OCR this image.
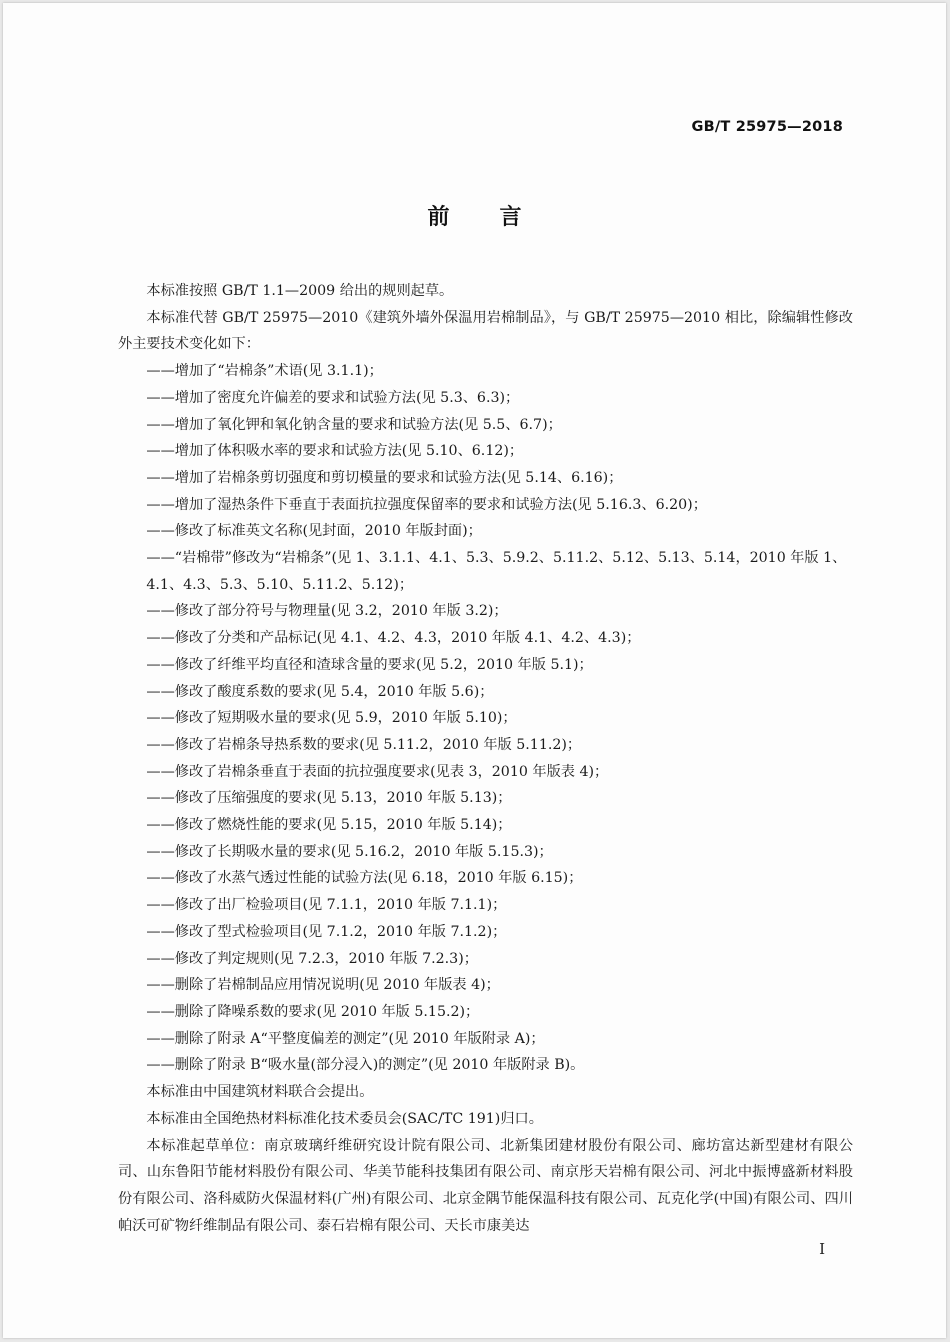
GB/T 25975—2018
前言

本标准按照 GB/T 1.1—2009 给出的规则起草。

本标准代替 GB/T 25975—2010《建筑外墙外保温用岩棉制品》，与 GB/T 25975—2010 相比，除编辑性修改外主要技术变化如下：

——增加了“岩棉条”术语(见 3.1.1)；

——增加了密度允许偏差的要求和试验方法(见 5.3、6.3)；

——增加了氧化钾和氧化钠含量的要求和试验方法(见 5.5、6.7)；

——增加了体积吸水率的要求和试验方法(见 5.10、6.12)；

——增加了岩棉条剪切强度和剪切模量的要求和试验方法(见 5.14、6.16)；

——增加了湿热条件下垂直于表面抗拉强度保留率的要求和试验方法(见 5.16.3、6.20)；

——修改了标准英文名称(见封面，2010 年版封面)；

——“岩棉带”修改为“岩棉条”(见 1、3.1.1、4.1、5.3、5.9.2、5.11.2、5.12、5.13、5.14，2010 年版 1、4.1、4.3、5.3、5.10、5.11.2、5.12)；

——修改了部分符号与物理量(见 3.2，2010 年版 3.2)；

——修改了分类和产品标记(见 4.1、4.2、4.3，2010 年版 4.1、4.2、4.3)；

——修改了纤维平均直径和渣球含量的要求(见 5.2，2010 年版 5.1)；

——修改了酸度系数的要求(见 5.4，2010 年版 5.6)；

——修改了短期吸水量的要求(见 5.9，2010 年版 5.10)；

——修改了岩棉条导热系数的要求(见 5.11.2，2010 年版 5.11.2)；

——修改了岩棉条垂直于表面的抗拉强度要求(见表 3，2010 年版表 4)；

——修改了压缩强度的要求(见 5.13，2010 年版 5.13)；

——修改了燃烧性能的要求(见 5.15，2010 年版 5.14)；

——修改了长期吸水量的要求(见 5.16.2，2010 年版 5.15.3)；

——修改了水蒸气透过性能的试验方法(见 6.18，2010 年版 6.15)；

——修改了出厂检验项目(见 7.1.1，2010 年版 7.1.1)；

——修改了型式检验项目(见 7.1.2，2010 年版 7.1.2)；

——修改了判定规则(见 7.2.3，2010 年版 7.2.3)；

——删除了岩棉制品应用情况说明(见 2010 年版表 4)；

——删除了降噪系数的要求(见 2010 年版 5.15.2)；

——删除了附录 A“平整度偏差的测定”(见 2010 年版附录 A)；

——删除了附录 B“吸水量(部分浸入)的测定”(见 2010 年版附录 B)。

本标准由中国建筑材料联合会提出。

本标准由全国绝热材料标准化技术委员会(SAC/TC 191)归口。

本标准起草单位：南京玻璃纤维研究设计院有限公司、北新集团建材股份有限公司、廊坊富达新型建材有限公司、山东鲁阳节能材料股份有限公司、华美节能科技集团有限公司、南京彤天岩棉有限公司、河北中振博盛新材料股份有限公司、洛科威防火保温材料(广州)有限公司、北京金隅节能保温科技有限公司、瓦克化学(中国)有限公司、四川帕沃可矿物纤维制品有限公司、泰石岩棉有限公司、天长市康美达

I
